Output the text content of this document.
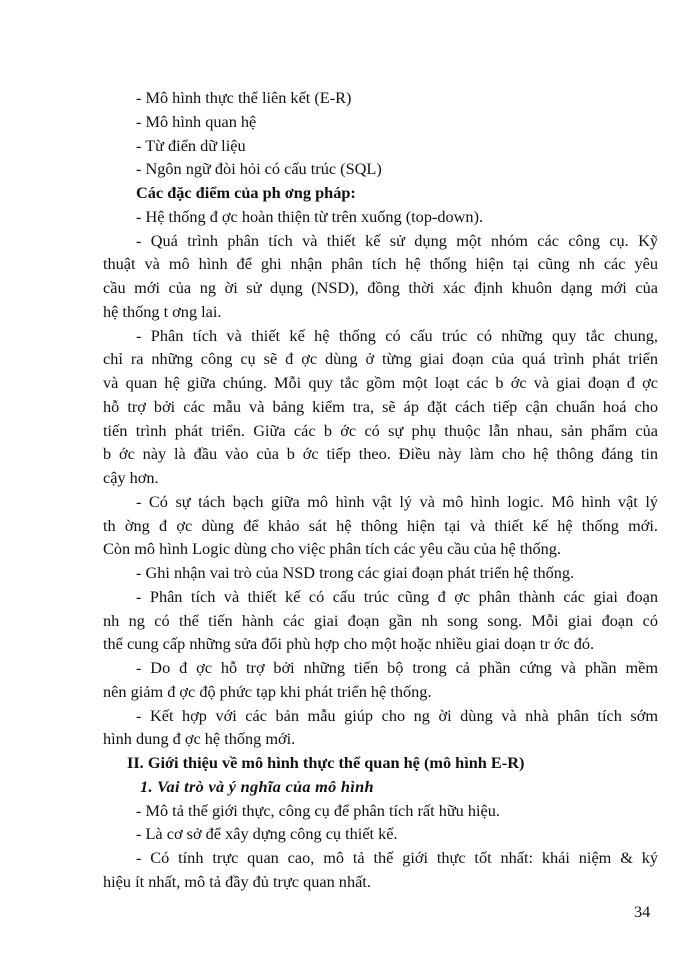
- Mô hình thực thể liên kết (E-R)
- Mô hình quan hệ
- Từ điển dữ liệu
- Ngôn ngữ đòi hỏi có cấu trúc (SQL)
Các đặc điểm của ph ơng pháp:
- Hệ thống đ ợc hoàn thiện từ trên xuống (top-down).
- Quá trình phân tích và thiết kế sử dụng một nhóm các công cụ. Kỹ
thuật và mô hình để ghi nhận phân tích hệ thống hiện tại cũng nh các yêu
cầu mới của ng ời sử dụng (NSD), đồng thời xác định khuôn dạng mới của
hệ thống t ơng lai.
- Phân tích và thiết kế hệ thống có cấu trúc có những quy tắc chung,
chỉ ra những công cụ sẽ đ ợc dùng ở từng giai đoạn của quá trình phát triển
và quan hệ giữa chúng. Mỗi quy tắc gồm một loạt các b ớc và giai đoạn đ ợc
hỗ trợ bởi các mẫu và bảng kiểm tra, sẽ áp đặt cách tiếp cận chuẩn hoá cho
tiến trình phát triển. Giữa các b ớc có sự phụ thuộc lẫn nhau, sản phẩm của
b ớc này là đầu vào của b ớc tiếp theo. Điều này làm cho hệ thông đáng tin
cậy hơn.
- Có sự tách bạch giữa mô hình vật lý và mô hình logic. Mô hình vật lý
th ờng đ ợc dùng để khảo sát hệ thông hiện tại và thiết kế hệ thống mới.
Còn mô hình Logic dùng cho việc phân tích các yêu cầu của hệ thống.
- Ghi nhận vai trò của NSD trong các giai đoạn phát triển hệ thống.
- Phân tích và thiết kế có cấu trúc cũng đ ợc phân thành các giai đoạn
nh ng có thể tiến hành các giai đoạn gần nh song song. Mỗi giai đoạn có
thể cung cấp những sửa đổi phù hợp cho một hoặc nhiều giai doạn tr ớc đó.
- Do đ ợc hỗ trợ bởi những tiến bộ trong cả phần cứng và phần mềm
nên giảm đ ợc độ phức tạp khi phát triển hệ thống.
- Kết hợp với các bản mẫu giúp cho ng ời dùng và nhà phân tích sớm
hình dung đ ợc hệ thống mới.
II. Giới thiệu về mô hình thực thể quan hệ (mô hình E-R)
1. Vai trò và ý nghĩa của mô hình
- Mô tả thế giới thực, công cụ để phân tích rất hữu hiệu.
- Là cơ sở để xây dựng công cụ thiết kế.
- Có tính trực quan cao, mô tả thế giới thực tốt nhất: khái niệm & ký
hiệu ít nhất, mô tả đầy đủ trực quan nhất.
34
